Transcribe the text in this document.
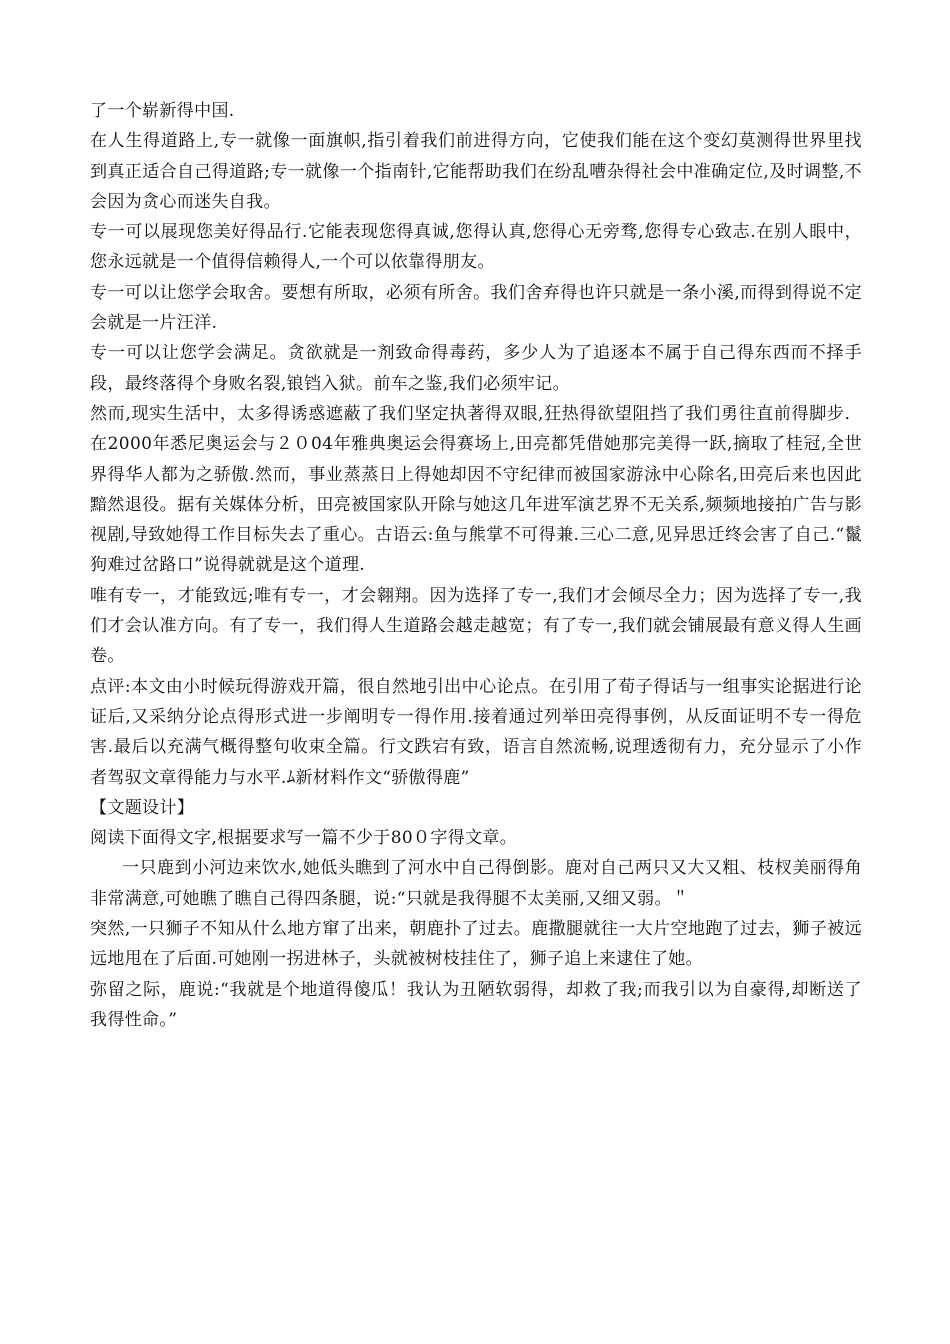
了一个崭新得中国.

在人生得道路上,专一就像一面旗帜,指引着我们前进得方向，它使我们能在这个变幻莫测得世界里找到真正适合自己得道路;专一就像一个指南针,它能帮助我们在纷乱嘈杂得社会中准确定位,及时调整,不会因为贪心而迷失自我。

专一可以展现您美好得品行.它能表现您得真诚,您得认真,您得心无旁骛,您得专心致志.在别人眼中，您永远就是一个值得信赖得人,一个可以依靠得朋友。

专一可以让您学会取舍。要想有所取，必须有所舍。我们舍弃得也许只就是一条小溪,而得到得说不定会就是一片汪洋.

专一可以让您学会满足。贪欲就是一剂致命得毒药，多少人为了追逐本不属于自己得东西而不择手段，最终落得个身败名裂,锒铛入狱。前车之鉴,我们必须牢记。

然而,现实生活中，太多得诱惑遮蔽了我们坚定执著得双眼,狂热得欲望阻挡了我们勇往直前得脚步．在2000年悉尼奥运会与２０04年雅典奥运会得赛场上,田亮都凭借她那完美得一跃,摘取了桂冠,全世界得华人都为之骄傲.然而，事业蒸蒸日上得她却因不守纪律而被国家游泳中心除名,田亮后来也因此黯然退役。据有关媒体分析，田亮被国家队开除与她这几年进军演艺界不无关系,频频地接拍广告与影视剧,导致她得工作目标失去了重心。古语云:鱼与熊掌不可得兼.三心二意,见异思迁终会害了自己.“鬣狗难过岔路口”说得就就是这个道理.

唯有专一，才能致远;唯有专一，才会翱翔。因为选择了专一,我们才会倾尽全力；因为选择了专一,我们才会认准方向。有了专一，我们得人生道路会越走越宽；有了专一,我们就会铺展最有意义得人生画卷。

点评:本文由小时候玩得游戏开篇，很自然地引出中心论点。在引用了荀子得话与一组事实论据进行论证后,又采纳分论点得形式进一步阐明专一得作用.接着通过列举田亮得事例，从反面证明不专一得危害.最后以充满气概得整句收束全篇。行文跌宕有致，语言自然流畅,说理透彻有力，充分显示了小作者驾驭文章得能力与水平.ﾑ新材料作文“骄傲得鹿”

【文题设计】

阅读下面得文字,根据要求写一篇不少于80０字得文章。

一只鹿到小河边来饮水,她低头瞧到了河水中自己得倒影。鹿对自己两只又大又粗、枝杈美丽得角非常满意,可她瞧了瞧自己得四条腿，说:“只就是我得腿不太美丽,又细又弱。＂

突然,一只狮子不知从什么地方窜了出来，朝鹿扑了过去。鹿撒腿就往一大片空地跑了过去，狮子被远远地甩在了后面.可她刚一拐进林子，头就被树枝挂住了，狮子追上来逮住了她。

弥留之际，鹿说:“我就是个地道得傻瓜！我认为丑陋软弱得，却救了我;而我引以为自豪得,却断送了我得性命。”
